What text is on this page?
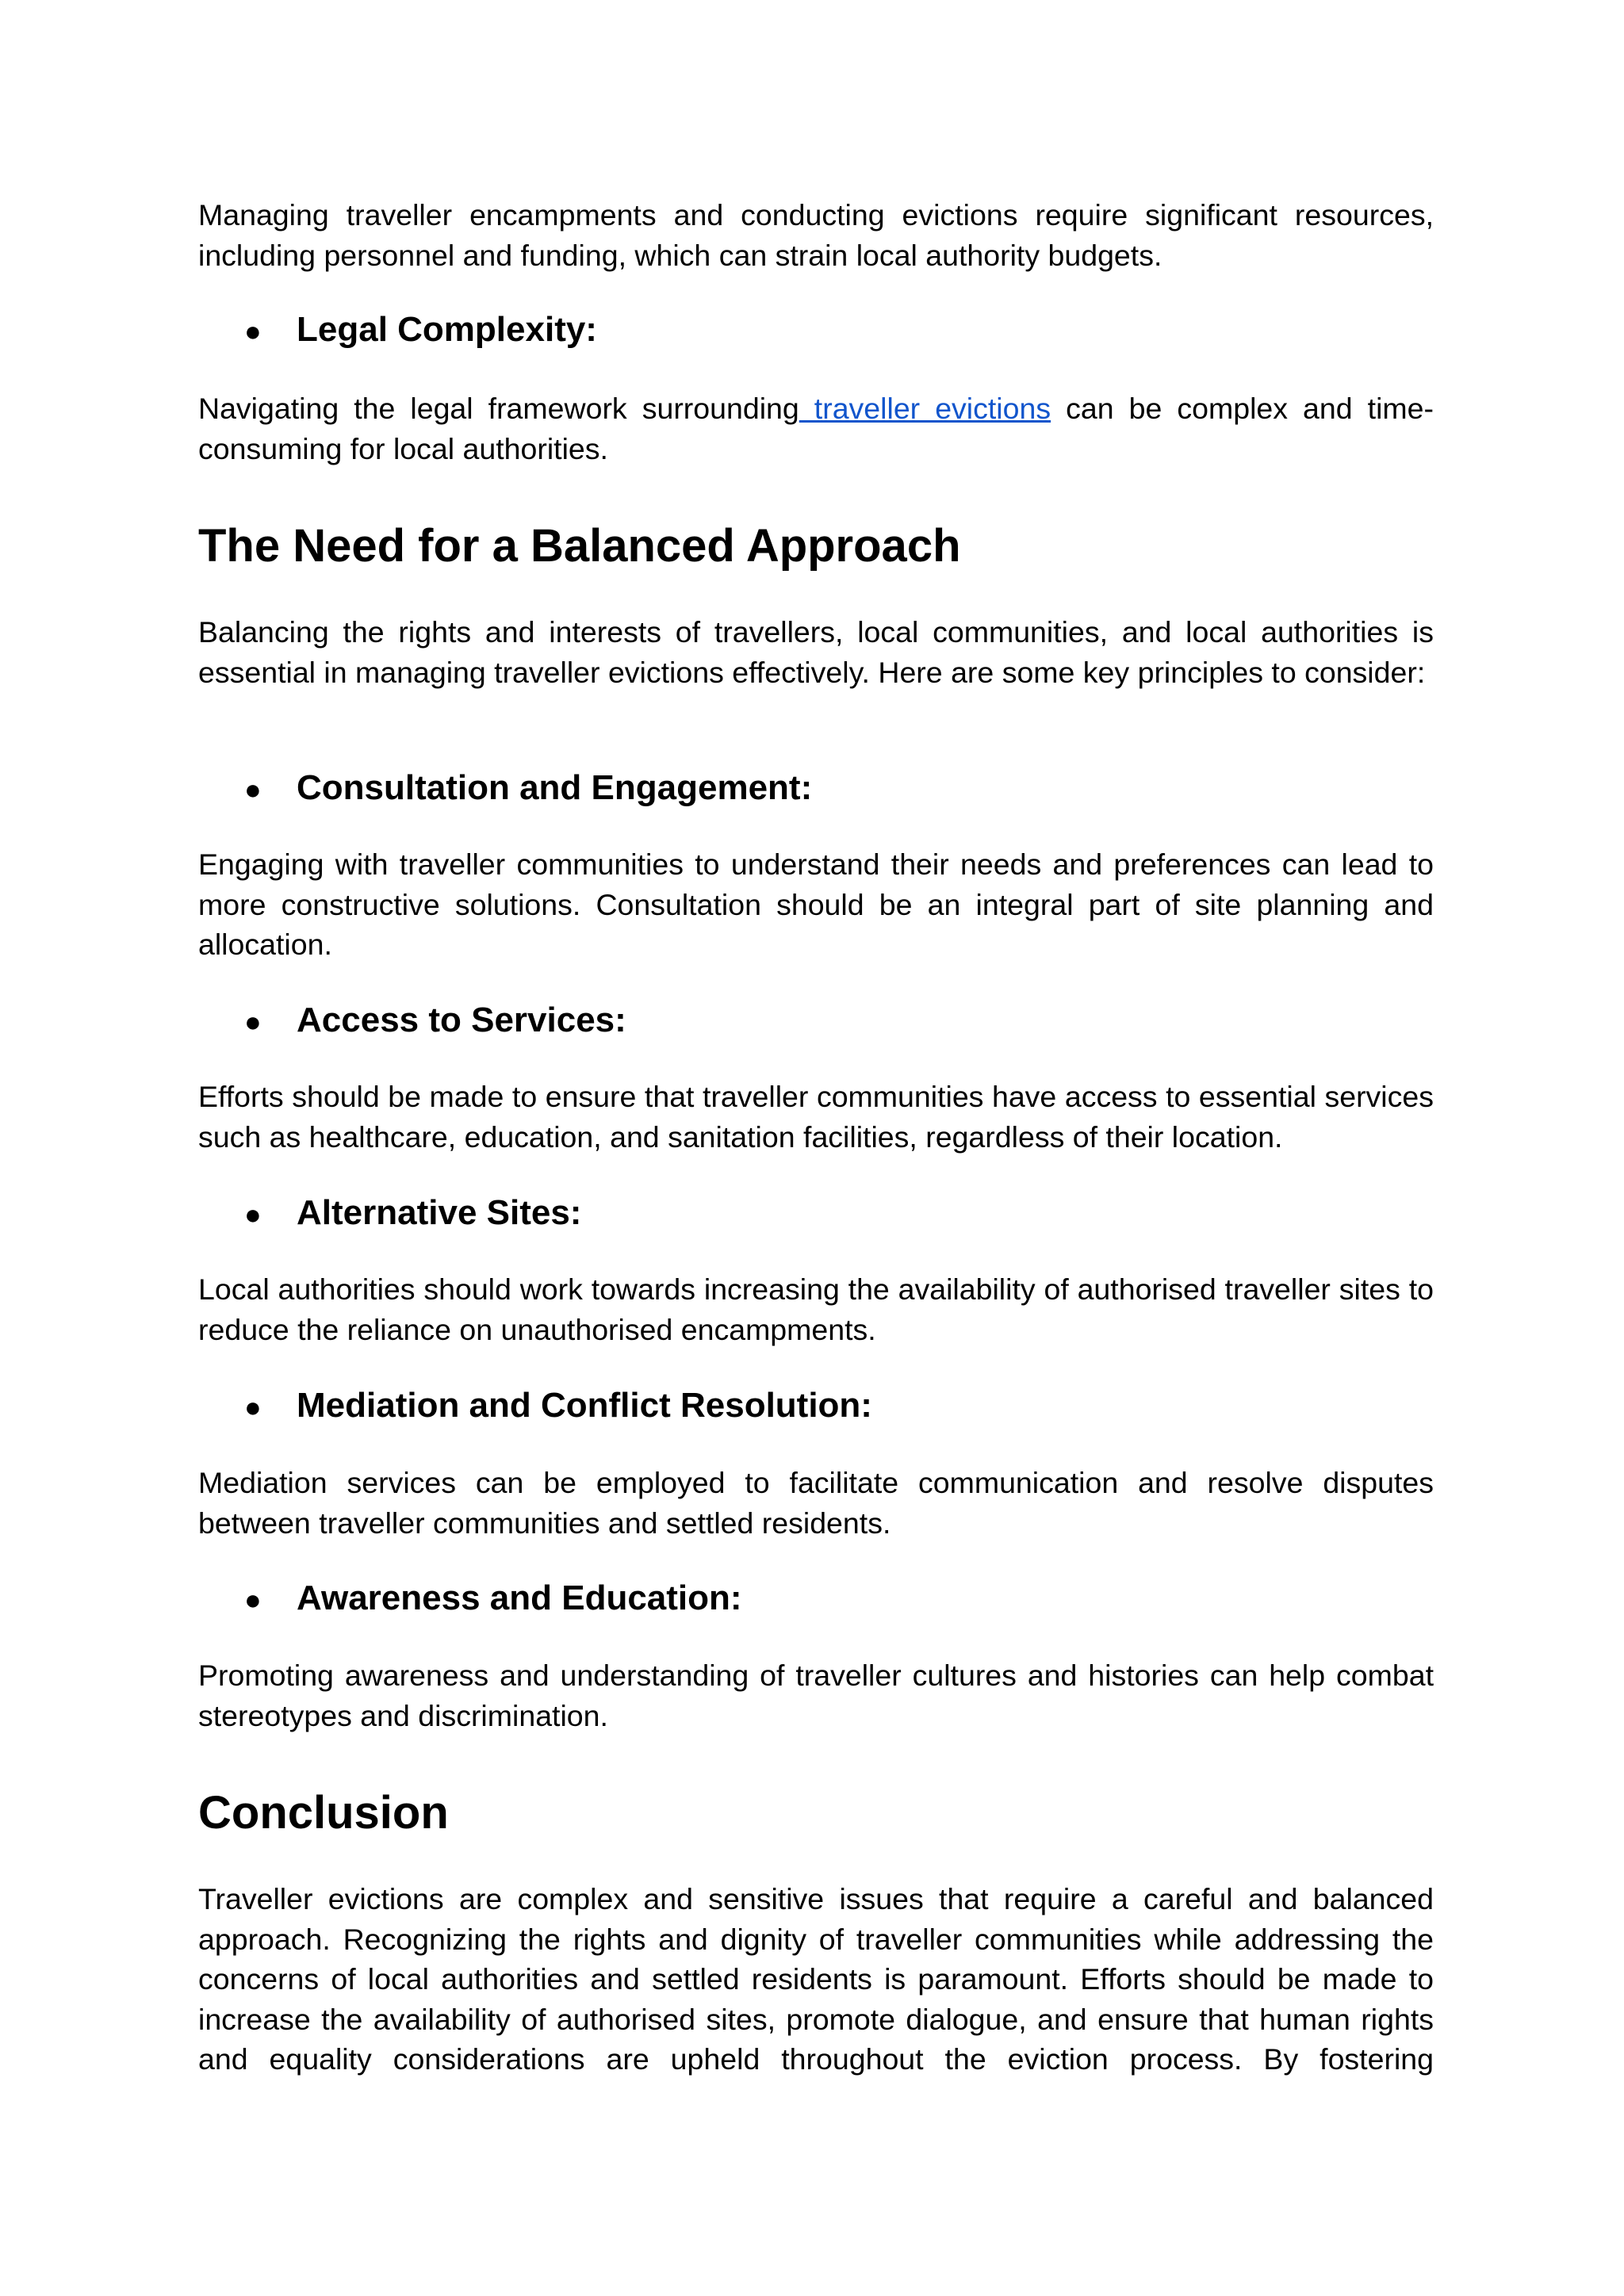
Managing traveller encampments and conducting evictions require significant resources, including personnel and funding, which can strain local authority budgets.

●	Legal Complexity:

Navigating the legal framework surrounding traveller evictions can be complex and time-consuming for local authorities.

The Need for a Balanced Approach

Balancing the rights and interests of travellers, local communities, and local authorities is essential in managing traveller evictions effectively. Here are some key principles to consider:

●	Consultation and Engagement:

Engaging with traveller communities to understand their needs and preferences can lead to more constructive solutions. Consultation should be an integral part of site planning and allocation.

●	Access to Services:

Efforts should be made to ensure that traveller communities have access to essential services such as healthcare, education, and sanitation facilities, regardless of their location.

●	Alternative Sites:

Local authorities should work towards increasing the availability of authorised traveller sites to reduce the reliance on unauthorised encampments.

●	Mediation and Conflict Resolution:

Mediation services can be employed to facilitate communication and resolve disputes between traveller communities and settled residents.

●	Awareness and Education:

Promoting awareness and understanding of traveller cultures and histories can help combat stereotypes and discrimination.

Conclusion

Traveller evictions are complex and sensitive issues that require a careful and balanced approach. Recognizing the rights and dignity of traveller communities while addressing the concerns of local authorities and settled residents is paramount. Efforts should be made to increase the availability of authorised sites, promote dialogue, and ensure that human rights and equality considerations are upheld throughout the eviction process. By fostering
